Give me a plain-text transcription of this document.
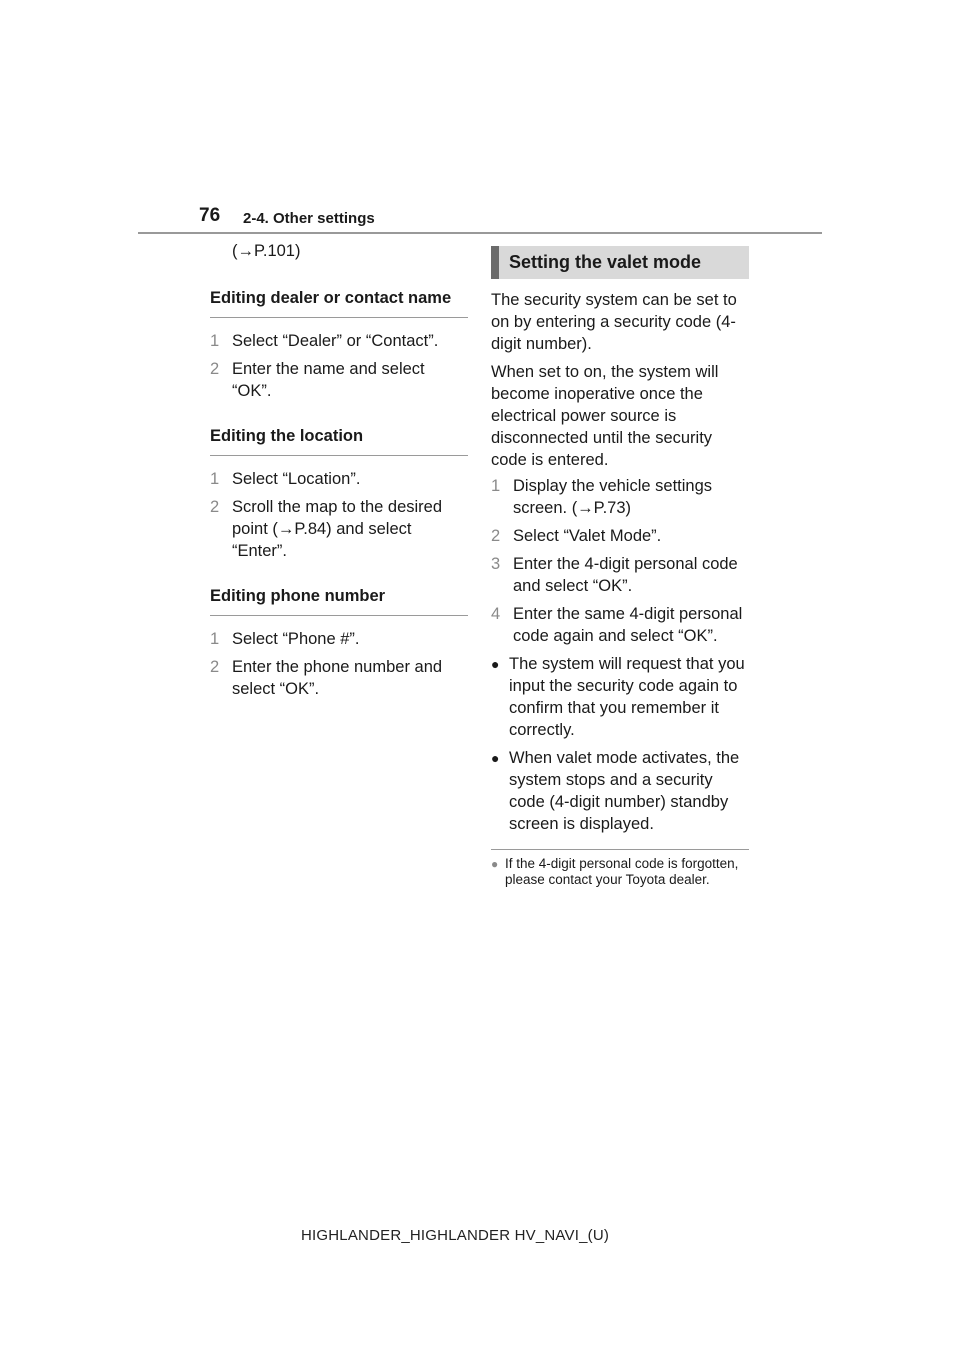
76 2-4. Other settings

(→P.101)

Editing dealer or contact name

1 Select “Dealer” or “Contact”.
2 Enter the name and select “OK”.

Editing the location

1 Select “Location”.
2 Scroll the map to the desired point (→P.84) and select “Enter”.

Editing phone number

1 Select “Phone #”.
2 Enter the phone number and select “OK”.
Setting the valet mode

The security system can be set to on by entering a security code (4-digit number).

When set to on, the system will become inoperative once the electrical power source is disconnected until the security code is entered.

1 Display the vehicle settings screen. (→P.73)
2 Select “Valet Mode”.
3 Enter the 4-digit personal code and select “OK”.
4 Enter the same 4-digit personal code again and select “OK”.
● The system will request that you input the security code again to confirm that you remember it correctly.
● When valet mode activates, the system stops and a security code (4-digit number) standby screen is displayed.
● If the 4-digit personal code is forgotten, please contact your Toyota dealer.
HIGHLANDER_HIGHLANDER HV_NAVI_(U)
